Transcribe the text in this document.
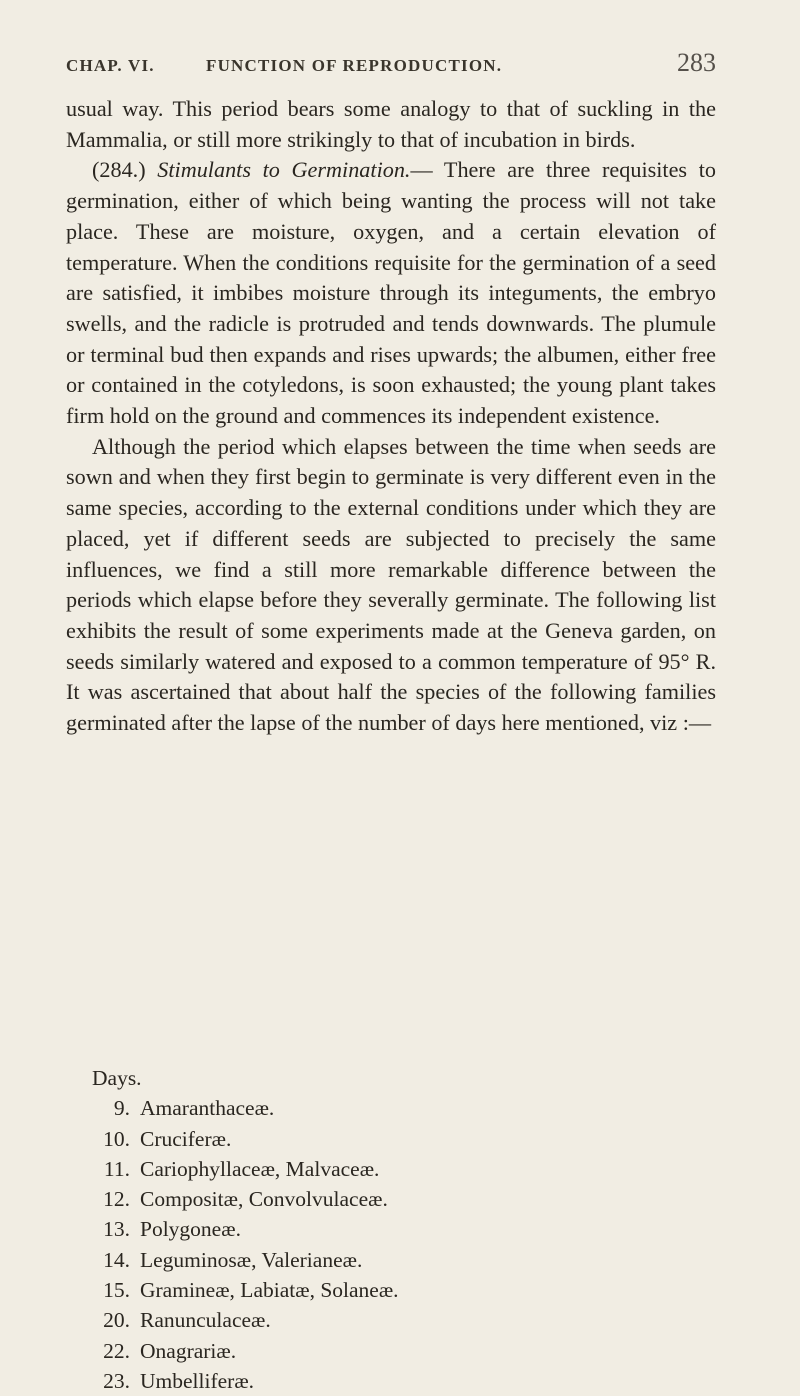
CHAP. VI.	FUNCTION OF REPRODUCTION.	283

usual way. This period bears some analogy to that of suckling in the Mammalia, or still more strikingly to that of incubation in birds.

(284.) Stimulants to Germination.— There are three requisites to germination, either of which being wanting the process will not take place. These are moisture, oxygen, and a certain elevation of temperature. When the conditions requisite for the germination of a seed are satisfied, it imbibes moisture through its integuments, the embryo swells, and the radicle is protruded and tends downwards. The plumule or terminal bud then expands and rises upwards; the albumen, either free or contained in the cotyledons, is soon exhausted; the young plant takes firm hold on the ground and commences its independent existence.

Although the period which elapses between the time when seeds are sown and when they first begin to germinate is very different even in the same species, according to the external conditions under which they are placed, yet if different seeds are subjected to precisely the same influences, we find a still more remarkable difference between the periods which elapse before they severally germinate. The following list exhibits the result of some experiments made at the Geneva garden, on seeds similarly watered and exposed to a common temperature of 95° R. It was ascertained that about half the species of the following families germinated after the lapse of the number of days here mentioned, viz :—

Days.
9. Amaranthaceæ.
10. Cruciferæ.
11. Cariophyllaceæ, Malvaceæ.
12. Compositæ, Convolvulaceæ.
13. Polygoneæ.
14. Leguminosæ, Valerianeæ.
15. Gramineæ, Labiatæ, Solaneæ.
20. Ranunculaceæ.
22. Onagrariæ.
23. Umbelliferæ.
